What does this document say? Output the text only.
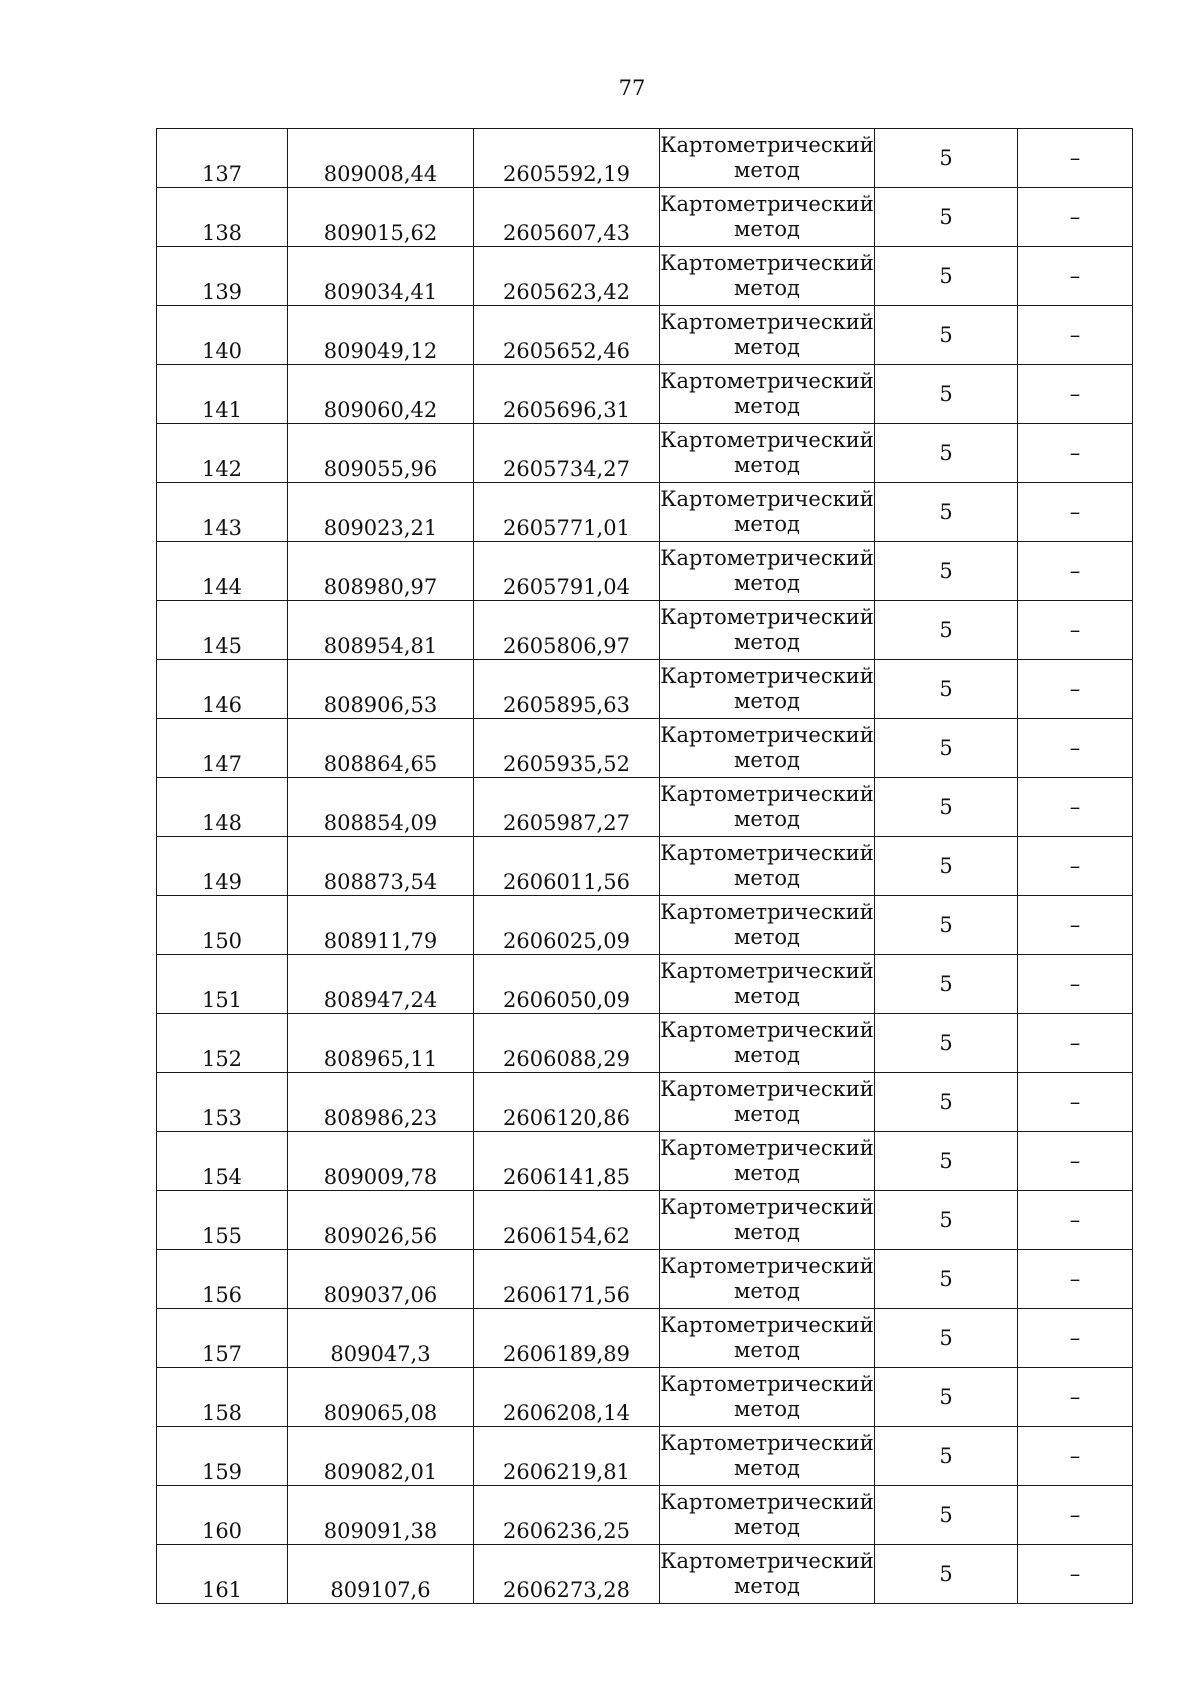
77
137	809008,44	2605592,19	Картометрический
метод	5	–
138	809015,62	2605607,43	Картометрический
метод	5	–
139	809034,41	2605623,42	Картометрический
метод	5	–
140	809049,12	2605652,46	Картометрический
метод	5	–
141	809060,42	2605696,31	Картометрический
метод	5	–
142	809055,96	2605734,27	Картометрический
метод	5	–
143	809023,21	2605771,01	Картометрический
метод	5	–
144	808980,97	2605791,04	Картометрический
метод	5	–
145	808954,81	2605806,97	Картометрический
метод	5	–
146	808906,53	2605895,63	Картометрический
метод	5	–
147	808864,65	2605935,52	Картометрический
метод	5	–
148	808854,09	2605987,27	Картометрический
метод	5	–
149	808873,54	2606011,56	Картометрический
метод	5	–
150	808911,79	2606025,09	Картометрический
метод	5	–
151	808947,24	2606050,09	Картометрический
метод	5	–
152	808965,11	2606088,29	Картометрический
метод	5	–
153	808986,23	2606120,86	Картометрический
метод	5	–
154	809009,78	2606141,85	Картометрический
метод	5	–
155	809026,56	2606154,62	Картометрический
метод	5	–
156	809037,06	2606171,56	Картометрический
метод	5	–
157	809047,3	2606189,89	Картометрический
метод	5	–
158	809065,08	2606208,14	Картометрический
метод	5	–
159	809082,01	2606219,81	Картометрический
метод	5	–
160	809091,38	2606236,25	Картометрический
метод	5	–
161	809107,6	2606273,28	Картометрический
метод	5	–
